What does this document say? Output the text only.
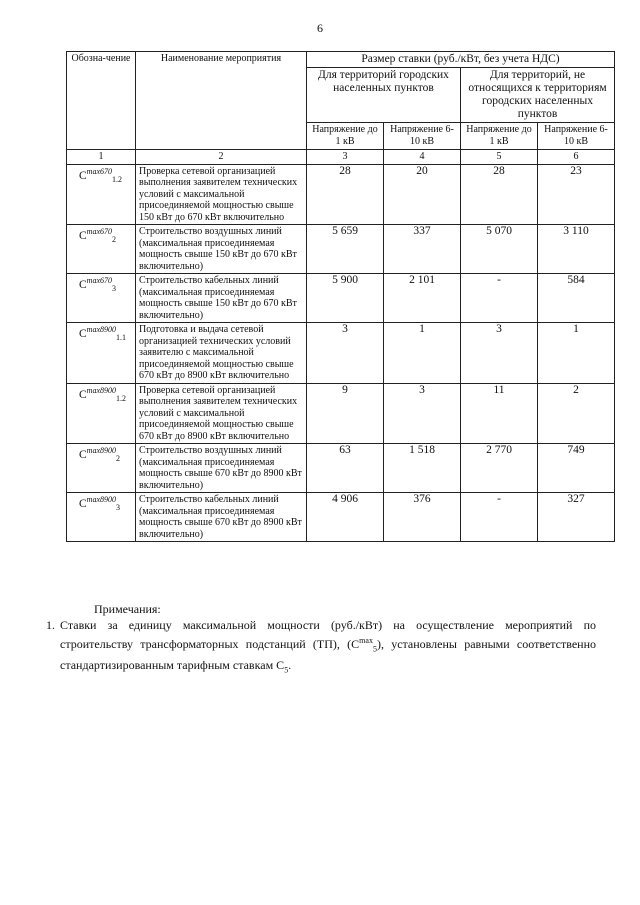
6
Обозна-чение	Наименование мероприятия	Размер ставки (руб./кВт, без учета НДС)			
		Для территорий городских населенных пунктов		Для территорий, не относящихся к территориям городских населенных пунктов	
		Напряжение до 1 кВ	Напряжение 6-10 кВ	Напряжение до 1 кВ	Напряжение 6-10 кВ
1	2	3	4	5	6
$C^{max670}_{1.2}$	Проверка сетевой организацией выполнения заявителем технических условий с максимальной присоединяемой мощностью свыше 150 кВт до 670 кВт включительно	28	20	28	23
$C^{max670}_2$	Строительство воздушных линий (максимальная присоединяемая мощность свыше 150 кВт до 670 кВт включительно)	5 659	337	5 070	3 110
$C^{max670}_3$	Строительство кабельных линий (максимальная присоединяемая мощность свыше 150 кВт до 670 кВт включительно)	5 900	2 101	-	584
$C^{max8900}_{1.1}$	Подготовка и выдача сетевой организацией технических условий заявителю с максимальной присоединяемой мощностью свыше 670 кВт до 8900 кВт включительно	3	1	3	1
$C^{max8900}_{1.2}$	Проверка сетевой организацией выполнения заявителем технических условий с максимальной присоединяемой мощностью свыше 670 кВт до 8900 кВт включительно	9	3	11	2
$C^{max8900}_2$	Строительство воздушных линий (максимальная присоединяемая мощность свыше 670 кВт до 8900 кВт включительно)	63	1 518	2 770	749
$C^{max8900}_3$	Строительство кабельных линий (максимальная присоединяемая мощность свыше 670 кВт до 8900 кВт включительно)	4 906	376	-	327
Примечания:
1. Ставки за единицу максимальной мощности (руб./кВт) на осуществление мероприятий по строительству трансформаторных подстанций (ТП), $(C^{max}_5)$, установлены равными соответственно стандартизированным тарифным ставкам $C_5$.
